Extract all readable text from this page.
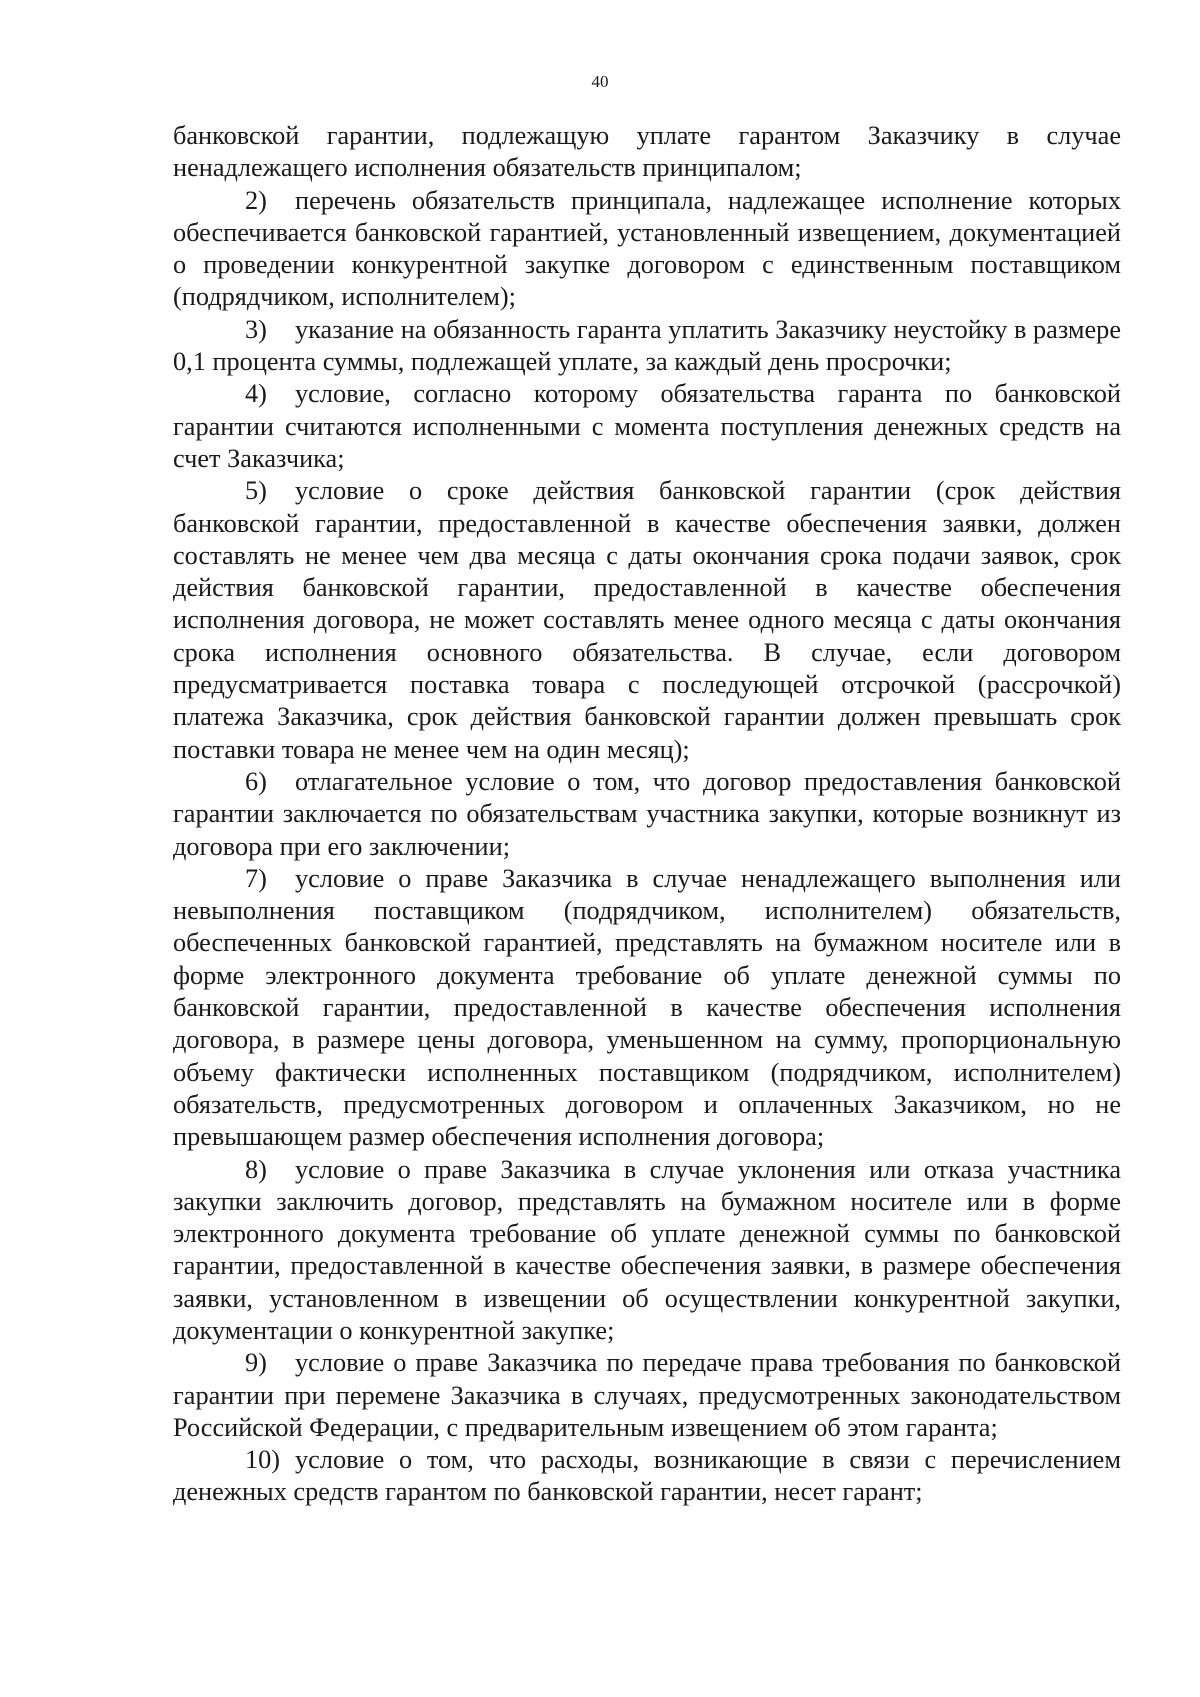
40

банковской гарантии, подлежащую уплате гарантом Заказчику в случае ненадлежащего исполнения обязательств принципалом;

2) перечень обязательств принципала, надлежащее исполнение которых обеспечивается банковской гарантией, установленный извещением, документацией о проведении конкурентной закупке договором с единственным поставщиком (подрядчиком, исполнителем);

3) указание на обязанность гаранта уплатить Заказчику неустойку в размере 0,1 процента суммы, подлежащей уплате, за каждый день просрочки;

4) условие, согласно которому обязательства гаранта по банковской гарантии считаются исполненными с момента поступления денежных средств на счет Заказчика;

5) условие о сроке действия банковской гарантии (срок действия банковской гарантии, предоставленной в качестве обеспечения заявки, должен составлять не менее чем два месяца с даты окончания срока подачи заявок, срок действия банковской гарантии, предоставленной в качестве обеспечения исполнения договора, не может составлять менее одного месяца с даты окончания срока исполнения основного обязательства. В случае, если договором предусматривается поставка товара с последующей отсрочкой (рассрочкой) платежа Заказчика, срок действия банковской гарантии должен превышать срок поставки товара не менее чем на один месяц);

6) отлагательное условие о том, что договор предоставления банковской гарантии заключается по обязательствам участника закупки, которые возникнут из договора при его заключении;

7) условие о праве Заказчика в случае ненадлежащего выполнения или невыполнения поставщиком (подрядчиком, исполнителем) обязательств, обеспеченных банковской гарантией, представлять на бумажном носителе или в форме электронного документа требование об уплате денежной суммы по банковской гарантии, предоставленной в качестве обеспечения исполнения договора, в размере цены договора, уменьшенном на сумму, пропорциональную объему фактически исполненных поставщиком (подрядчиком, исполнителем) обязательств, предусмотренных договором и оплаченных Заказчиком, но не превышающем размер обеспечения исполнения договора;

8) условие о праве Заказчика в случае уклонения или отказа участника закупки заключить договор, представлять на бумажном носителе или в форме электронного документа требование об уплате денежной суммы по банковской гарантии, предоставленной в качестве обеспечения заявки, в размере обеспечения заявки, установленном в извещении об осуществлении конкурентной закупки, документации о конкурентной закупке;

9) условие о праве Заказчика по передаче права требования по банковской гарантии при перемене Заказчика в случаях, предусмотренных законодательством Российской Федерации, с предварительным извещением об этом гаранта;

10) условие о том, что расходы, возникающие в связи с перечислением денежных средств гарантом по банковской гарантии, несет гарант;
